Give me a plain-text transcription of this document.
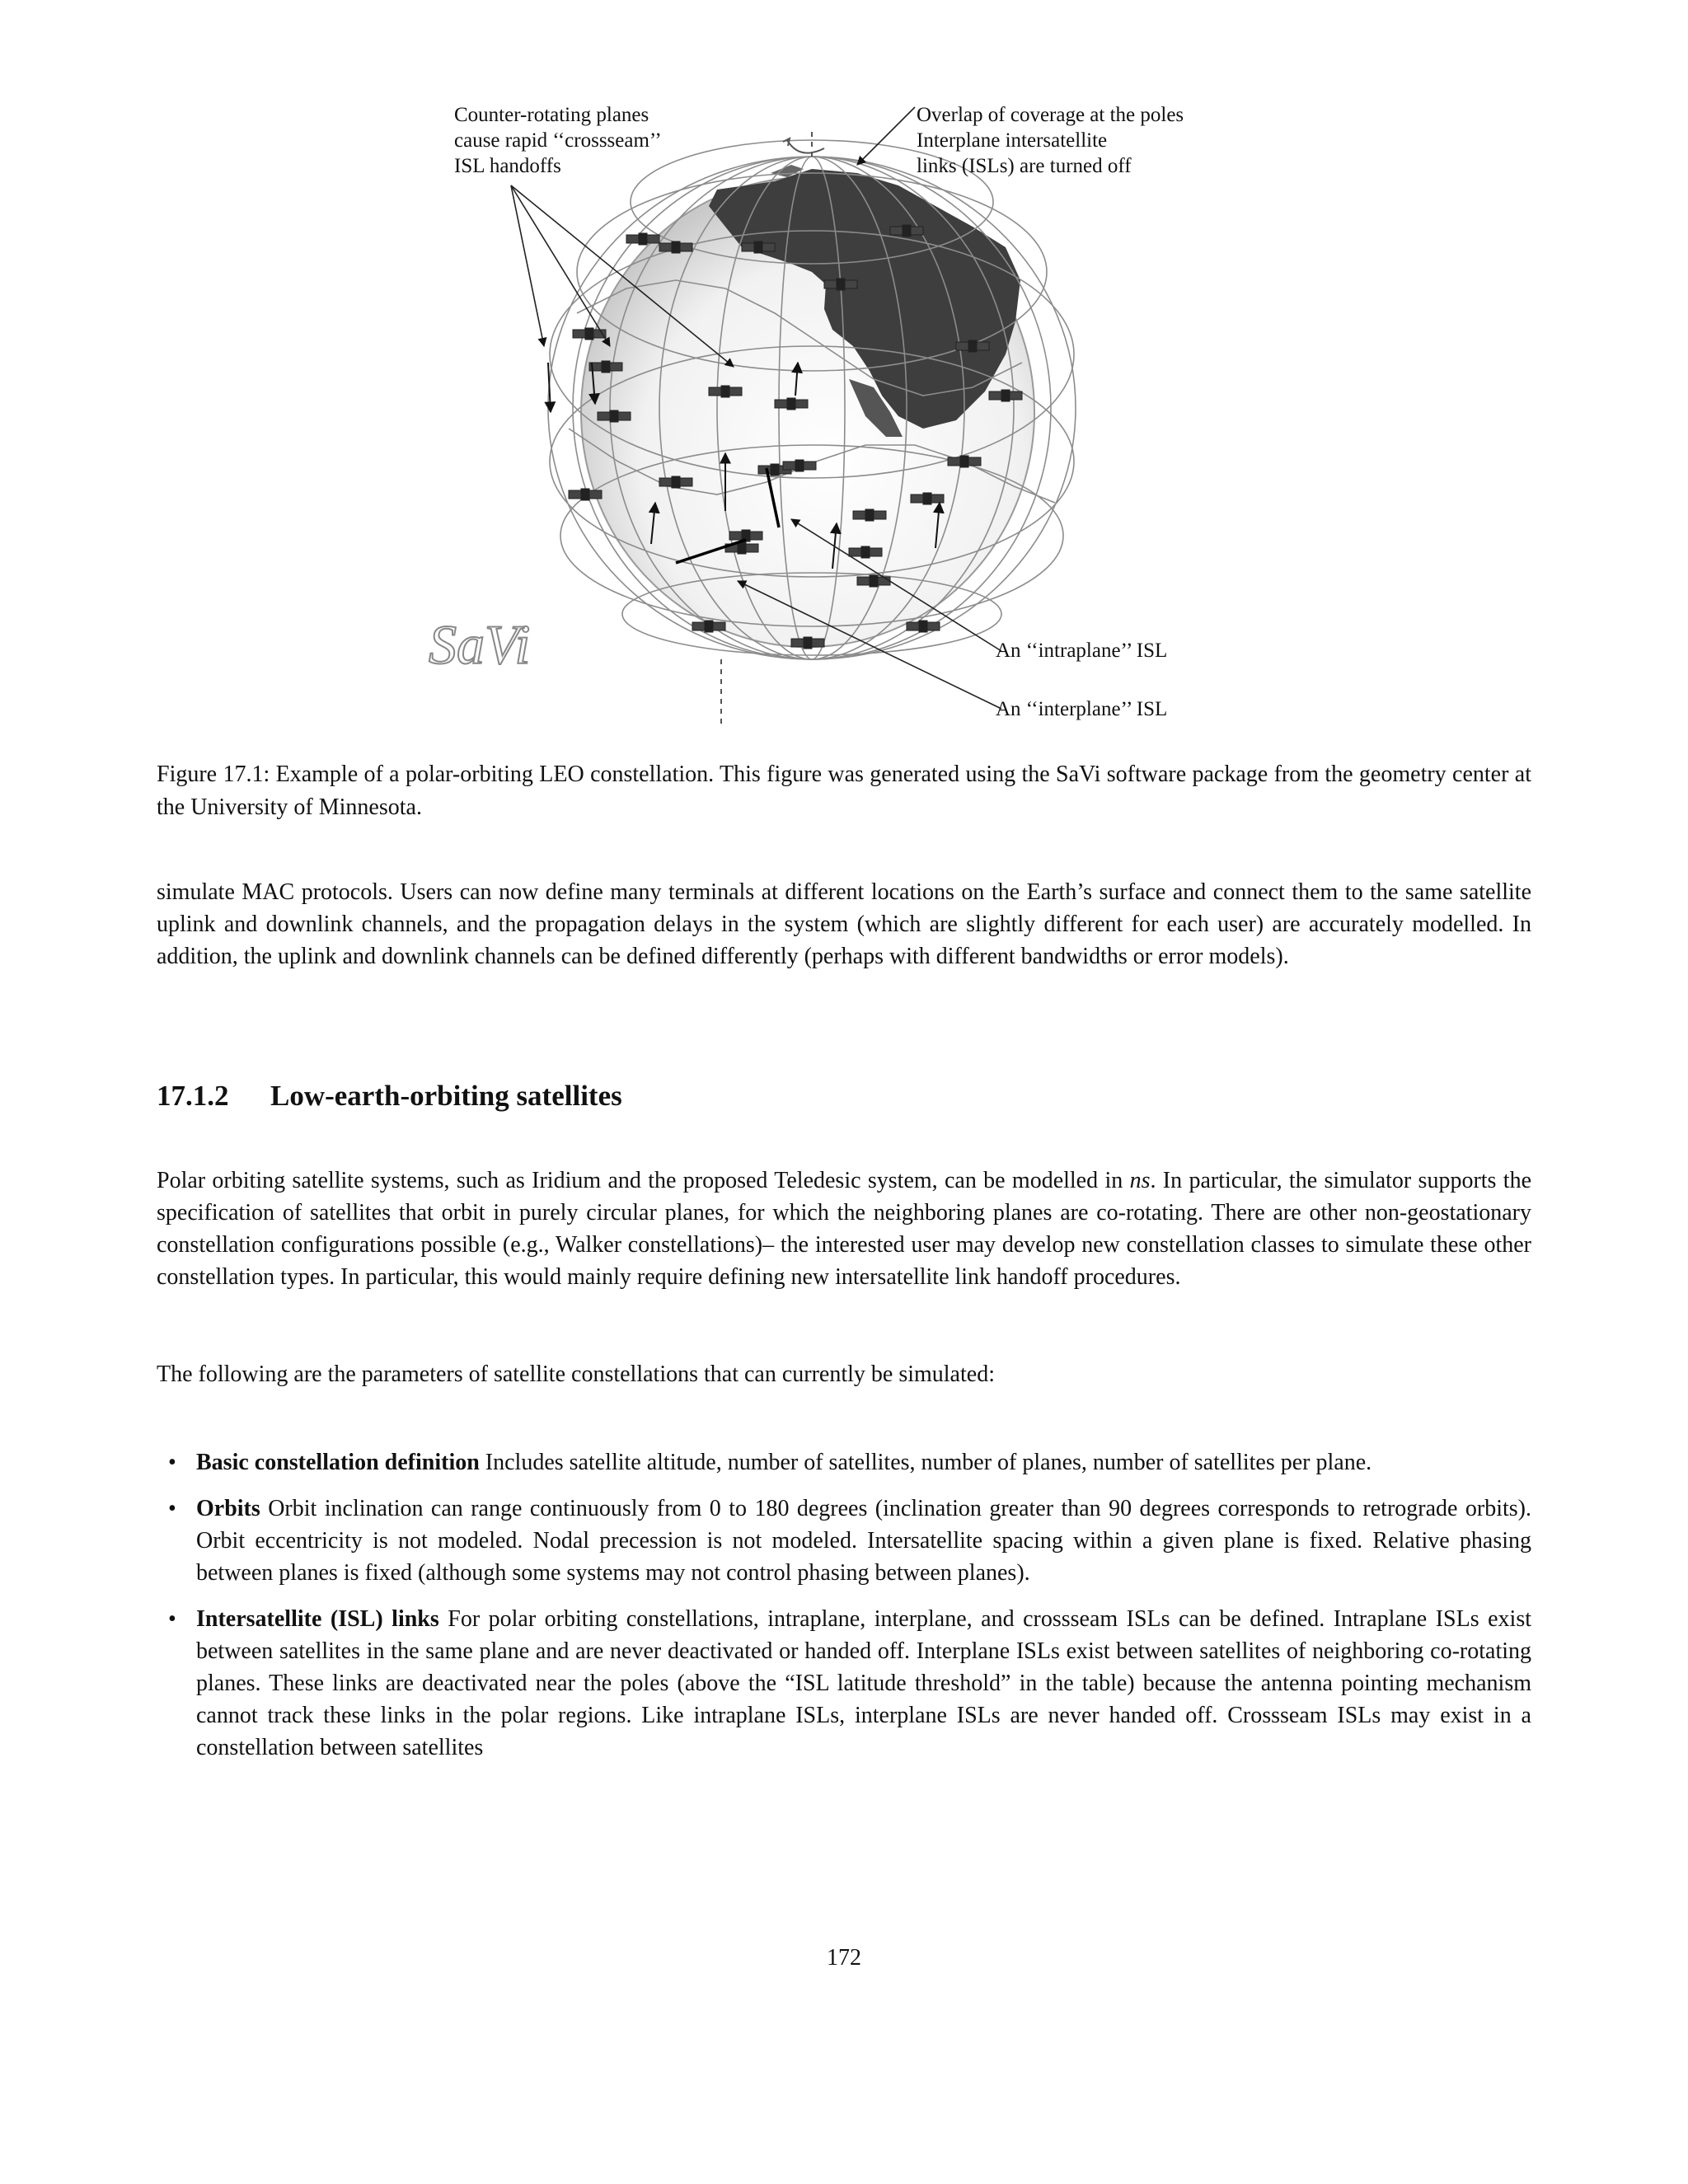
SaVi
Counter-rotating planes
cause rapid ‘‘crossseam’’
ISL handoffs
Overlap of coverage at the poles
Interplane intersatellite
links (ISLs) are turned off
An ‘‘intraplane’’ ISL
An ‘‘interplane’’ ISL
Figure 17.1: Example of a polar-orbiting LEO constellation. This figure was generated using the SaVi software package from the geometry center at the University of Minnesota.

simulate MAC protocols. Users can now define many terminals at different locations on the Earth’s surface and connect them to the same satellite uplink and downlink channels, and the propagation delays in the system (which are slightly different for each user) are accurately modelled. In addition, the uplink and downlink channels can be defined differently (perhaps with different bandwidths or error models).

17.1.2 Low-earth-orbiting satellites

Polar orbiting satellite systems, such as Iridium and the proposed Teledesic system, can be modelled in ns. In particular, the simulator supports the specification of satellites that orbit in purely circular planes, for which the neighboring planes are co-rotating. There are other non-geostationary constellation configurations possible (e.g., Walker constellations)– the interested user may develop new constellation classes to simulate these other constellation types. In particular, this would mainly require defining new intersatellite link handoff procedures.

The following are the parameters of satellite constellations that can currently be simulated:

• Basic constellation definition Includes satellite altitude, number of satellites, number of planes, number of satellites per plane.
• Orbits Orbit inclination can range continuously from 0 to 180 degrees (inclination greater than 90 degrees corresponds to retrograde orbits). Orbit eccentricity is not modeled. Nodal precession is not modeled. Intersatellite spacing within a given plane is fixed. Relative phasing between planes is fixed (although some systems may not control phasing between planes).
• Intersatellite (ISL) links For polar orbiting constellations, intraplane, interplane, and crossseam ISLs can be defined. Intraplane ISLs exist between satellites in the same plane and are never deactivated or handed off. Interplane ISLs exist between satellites of neighboring co-rotating planes. These links are deactivated near the poles (above the “ISL latitude threshold” in the table) because the antenna pointing mechanism cannot track these links in the polar regions. Like intraplane ISLs, interplane ISLs are never handed off. Crossseam ISLs may exist in a constellation between satellites
172
